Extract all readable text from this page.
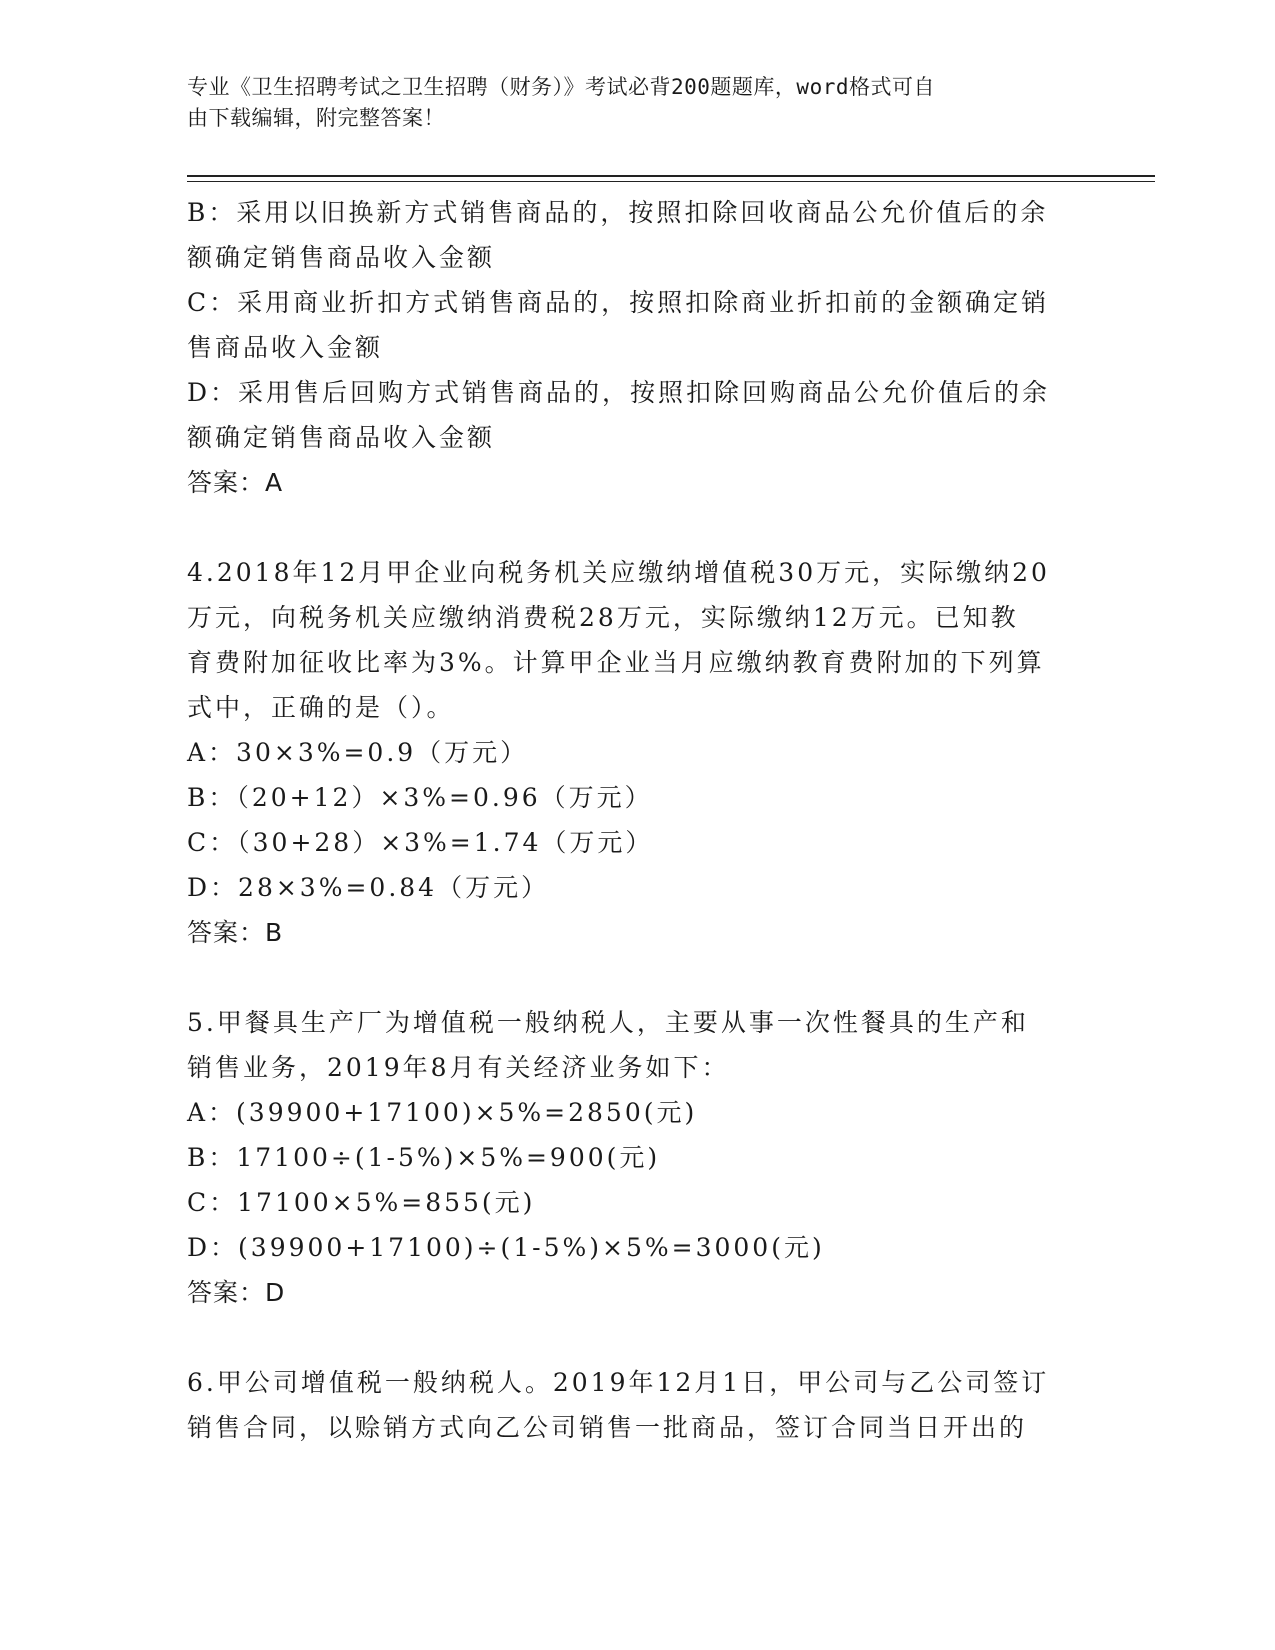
专业《卫生招聘考试之卫生招聘（财务）》考试必背200题题库，word格式可自
由下载编辑，附完整答案！
B：采用以旧换新方式销售商品的，按照扣除回收商品公允价值后的余
额确定销售商品收入金额
C：采用商业折扣方式销售商品的，按照扣除商业折扣前的金额确定销
售商品收入金额
D：采用售后回购方式销售商品的，按照扣除回购商品公允价值后的余
额确定销售商品收入金额
答案：A
4.2018年12月甲企业向税务机关应缴纳增值税30万元，实际缴纳20
万元，向税务机关应缴纳消费税28万元，实际缴纳12万元。已知教
育费附加征收比率为3%。计算甲企业当月应缴纳教育费附加的下列算
式中，正确的是（）。
A：30×3%=0.9（万元）
B：（20+12）×3%=0.96（万元）
C：（30+28）×3%=1.74（万元）
D：28×3%=0.84（万元）
答案：B
5.甲餐具生产厂为增值税一般纳税人，主要从事一次性餐具的生产和
销售业务，2019年8月有关经济业务如下：
A：(39900+17100)×5%=2850(元)
B：17100÷(1-5%)×5%=900(元)
C：17100×5%=855(元)
D：(39900+17100)÷(1-5%)×5%=3000(元)
答案：D
6.甲公司增值税一般纳税人。2019年12月1日，甲公司与乙公司签订
销售合同，以赊销方式向乙公司销售一批商品，签订合同当日开出的
